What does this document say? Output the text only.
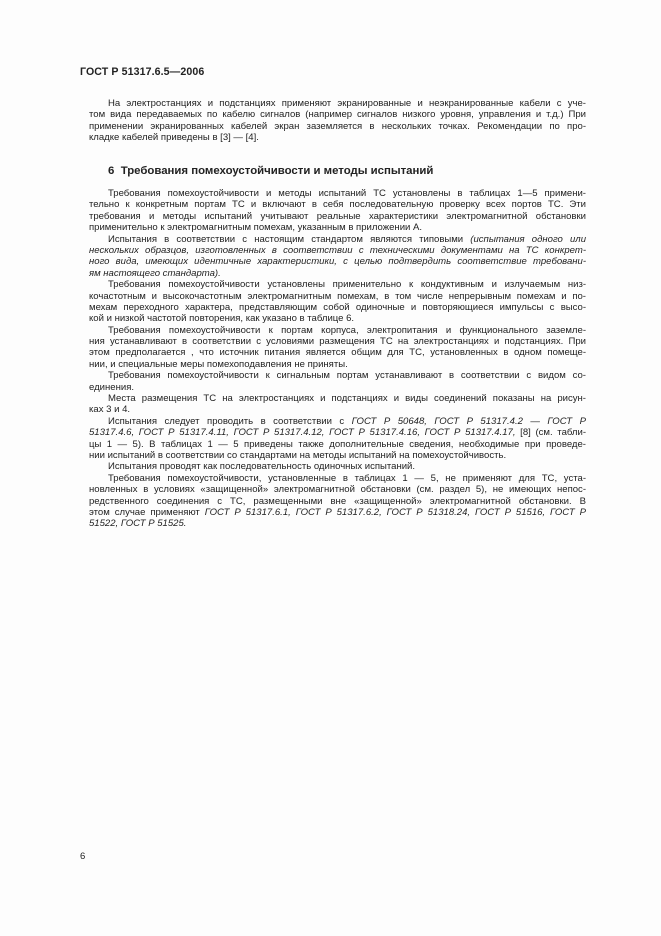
ГОСТ Р 51317.6.5—2006
На электростанциях и подстанциях применяют экранированные и неэкранированные кабели с уче-
том вида передаваемых по кабелю сигналов (например сигналов низкого уровня, управления и т.д.) При
применении экранированных кабелей экран заземляется в нескольких точках. Рекомендации по про-
кладке кабелей приведены в [3] — [4].
6 Требования помехоустойчивости и методы испытаний
Требования помехоустойчивости и методы испытаний ТС установлены в таблицах 1—5 примени-
тельно к конкретным портам ТС и включают в себя последовательную проверку всех портов ТС. Эти
требования и методы испытаний учитывают реальные характеристики электромагнитной обстановки
применительно к электромагнитным помехам, указанным в приложении А.
Испытания в соответствии с настоящим стандартом являются типовыми (испытания одного или
нескольких образцов, изготовленных в соответствии с техническими документами на ТС конкрет-
ного вида, имеющих идентичные характеристики, с целью подтвердить соответствие требовани-
ям настоящего стандарта).
Требования помехоустойчивости установлены применительно к кондуктивным и излучаемым низ-
кочастотным и высокочастотным электромагнитным помехам, в том числе непрерывным помехам и по-
мехам переходного характера, представляющим собой одиночные и повторяющиеся импульсы с высо-
кой и низкой частотой повторения, как указано в таблице 6.
Требования помехоустойчивости к портам корпуса, электропитания и функционального заземле-
ния устанавливают в соответствии с условиями размещения ТС на электростанциях и подстанциях. При
этом предполагается , что источник питания является общим для ТС, установленных в одном помеще-
нии, и специальные меры помехоподавления не приняты.
Требования помехоустойчивости к сигнальным портам устанавливают в соответствии с видом со-
единения.
Места размещения ТС на электростанциях и подстанциях и виды соединений показаны на рисун-
ках 3 и 4.
Испытания следует проводить в соответствии с ГОСТ Р 50648, ГОСТ Р 51317.4.2 — ГОСТ Р
51317.4.6, ГОСТ Р 51317.4.11, ГОСТ Р 51317.4.12, ГОСТ Р 51317.4.16, ГОСТ Р 51317.4.17, [8] (см. табли-
цы 1 — 5). В таблицах 1 — 5 приведены также дополнительные сведения, необходимые при проведе-
нии испытаний в соответствии со стандартами на методы испытаний на помехоустойчивость.
Испытания проводят как последовательность одиночных испытаний.
Требования помехоустойчивости, установленные в таблицах 1 — 5, не применяют для ТС, уста-
новленных в условиях «защищенной» электромагнитной обстановки (см. раздел 5), не имеющих непос-
редственного соединения с ТС, размещенными вне «защищенной» электромагнитной обстановки. В
этом случае применяют ГОСТ Р 51317.6.1, ГОСТ Р 51317.6.2, ГОСТ Р 51318.24, ГОСТ Р 51516, ГОСТ Р
51522, ГОСТ Р 51525.
6
